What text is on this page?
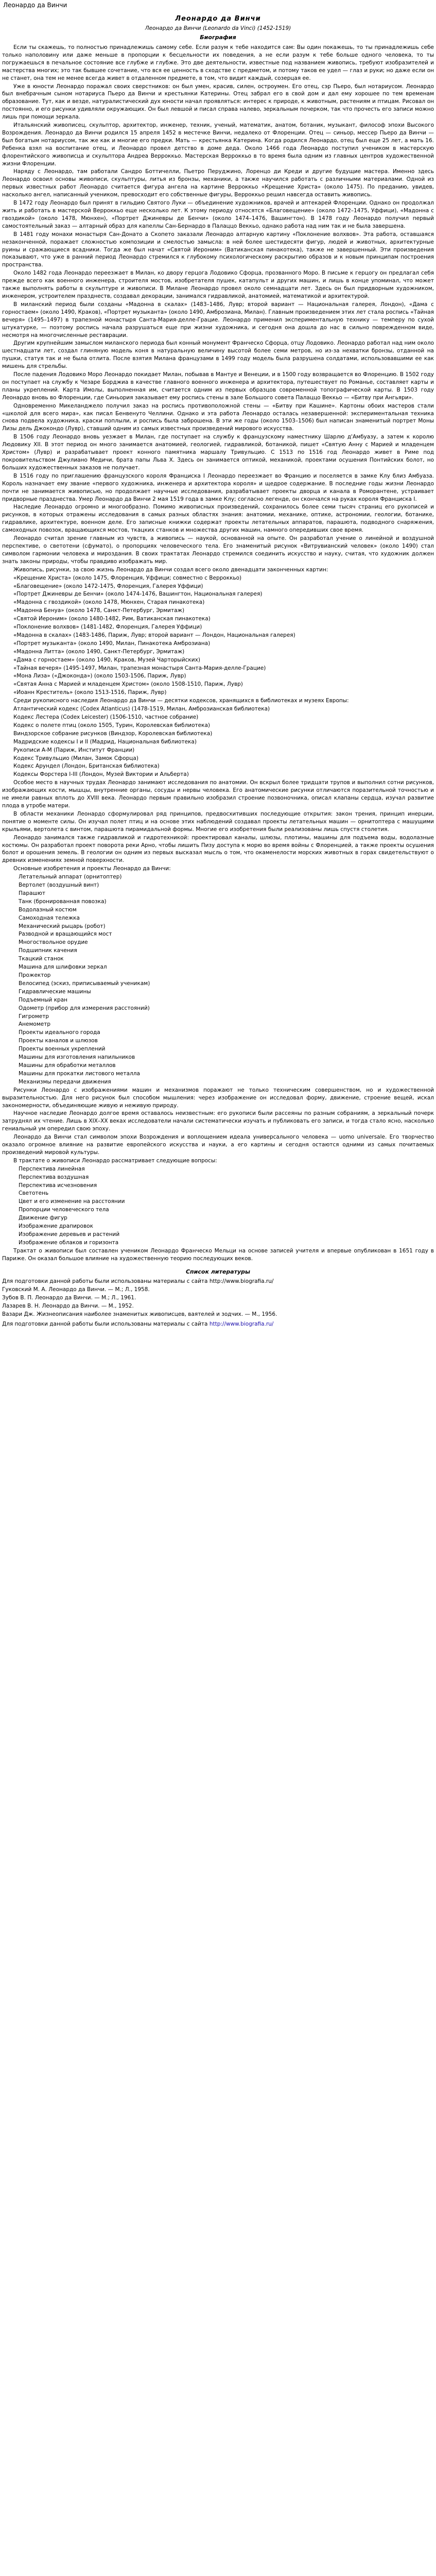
Леонардо да Винчи
Леонардо да Винчи
Леонардо да Винчи (Leonardo da Vinci) (1452-1519)
Биография

Если ты скажешь, то полностью принадлежишь самому себе. Если разум к тебе находится сам: Вы один покажешь, то ты принадлежишь себе только наполовину или даже меньше в пропорции к бесцельности их поведения, а не если разум к тебе больше одного человека, то ты погружаешься в печальное состояние все глубже и глубже. Это две деятельности, известные под названием живопись, требуют изобразителей и мастерства многих; это так бывшее сочетание, что вся ее ценность в сходстве с предметом, и потому таков ее удел — глаз и руки; но даже если он не станет, она тем не менее всегда живет в отдаленном предмете, в том, что видит каждый, созерцая ее.

Уже в юности Леонардо поражал своих сверстников: он был умен, красив, силен, остроумен. Его отец, сэр Пьеро, был нотариусом. Леонардо был внебрачным сыном нотариуса Пьеро да Винчи и крестьянки Катерины. Отец забрал его в свой дом и дал ему хорошее по тем временам образование. Тут, как и везде, натуралистический дух юности начал проявляться: интерес к природе, к животным, растениям и птицам. Рисовал он постоянно, и его рисунки удивляли окружающих. Он был левшой и писал справа налево, зеркальным почерком, так что прочесть его записи можно лишь при помощи зеркала.

Итальянский живописец, скульптор, архитектор, инженер, техник, ученый, математик, анатом, ботаник, музыкант, философ эпохи Высокого Возрождения. Леонардо да Винчи родился 15 апреля 1452 в местечке Винчи, недалеко от Флоренции. Отец — синьор, мессер Пьеро да Винчи — был богатым нотариусом, так же как и многие его предки. Мать — крестьянка Катерина. Когда родился Леонардо, отец был еще 25 лет, а мать 16. Ребенка взял на воспитание отец, и Леонардо провел детство в доме деда. Около 1466 года Леонардо поступил учеником в мастерскую флорентийского живописца и скульптора Андреа Верроккьо. Мастерская Верроккьо в то время была одним из главных центров художественной жизни Флоренции.

Наряду с Леонардо, там работали Сандро Боттичелли, Пьетро Перуджино, Лоренцо ди Креди и другие будущие мастера. Именно здесь Леонардо освоил основы живописи, скульптуры, литья из бронзы, механики, а также научился работать с различными материалами. Одной из первых известных работ Леонардо считается фигура ангела на картине Верроккьо «Крещение Христа» (около 1475). По преданию, увидев, насколько ангел, написанный учеником, превосходит его собственные фигуры, Верроккьо решил навсегда оставить живопись.

В 1472 году Леонардо был принят в гильдию Святого Луки — объединение художников, врачей и аптекарей Флоренции. Однако он продолжал жить и работать в мастерской Верроккьо еще несколько лет. К этому периоду относятся «Благовещение» (около 1472–1475, Уффици), «Мадонна с гвоздикой» (около 1478, Мюнхен), «Портрет Джиневры де Бенчи» (около 1474–1476, Вашингтон). В 1478 году Леонардо получил первый самостоятельный заказ — алтарный образ для капеллы Сан-Бернардо в Палаццо Веккьо, однако работа над ним так и не была завершена.

В 1481 году монахи монастыря Сан-Донато а Скопето заказали Леонардо алтарную картину «Поклонение волхвов». Эта работа, оставшаяся незаконченной, поражает сложностью композиции и смелостью замысла: в ней более шестидесяти фигур, людей и животных, архитектурные руины и сражающиеся всадники. Тогда же был начат «Святой Иероним» (Ватиканская пинакотека), также не завершенный. Эти произведения показывают, что уже в ранний период Леонардо стремился к глубокому психологическому раскрытию образов и к новым принципам построения пространства.

Около 1482 года Леонардо переезжает в Милан, ко двору герцога Лодовико Сфорца, прозванного Моро. В письме к герцогу он предлагал себя прежде всего как военного инженера, строителя мостов, изобретателя пушек, катапульт и других машин, и лишь в конце упоминал, что может также выполнять работы в скульптуре и живописи. В Милане Леонардо провел около семнадцати лет. Здесь он был придворным художником, инженером, устроителем празднеств, создавал декорации, занимался гидравликой, анатомией, математикой и архитектурой.

В миланский период были созданы «Мадонна в скалах» (1483–1486, Лувр; второй вариант — Национальная галерея, Лондон), «Дама с горностаем» (около 1490, Краков), «Портрет музыканта» (около 1490, Амброзиана, Милан). Главным произведением этих лет стала роспись «Тайная вечеря» (1495–1497) в трапезной монастыря Санта-Мария-делле-Грацие. Леонардо применил экспериментальную технику — темперу по сухой штукатурке, — поэтому роспись начала разрушаться еще при жизни художника, и сегодня она дошла до нас в сильно поврежденном виде, несмотря на многочисленные реставрации.

Другим крупнейшим замыслом миланского периода был конный монумент Франческо Сфорца, отцу Лодовико. Леонардо работал над ним около шестнадцати лет, создал глиняную модель коня в натуральную величину высотой более семи метров, но из-за нехватки бронзы, отданной на пушки, статуя так и не была отлита. После взятия Милана французами в 1499 году модель была разрушена солдатами, использовавшими ее как мишень для стрельбы.

После падения Лодовико Моро Леонардо покидает Милан, побывав в Мантуе и Венеции, и в 1500 году возвращается во Флоренцию. В 1502 году он поступает на службу к Чезаре Борджиа в качестве главного военного инженера и архитектора, путешествует по Романье, составляет карты и планы укреплений. Карта Имолы, выполненная им, считается одним из первых образцов современной топографической карты. В 1503 году Леонардо вновь во Флоренции, где Синьория заказывает ему роспись стены в зале Большого совета Палаццо Веккьо — «Битву при Ангьяри».

Одновременно Микеланджело получил заказ на роспись противоположной стены — «Битву при Кашине». Картоны обоих мастеров стали «школой для всего мира», как писал Бенвенуто Челлини. Однако и эта работа Леонардо осталась незавершенной: экспериментальная техника снова подвела художника, краски поплыли, и роспись была заброшена. В эти же годы (около 1503–1506) был написан знаменитый портрет Моны Лизы дель Джокондо (Лувр), ставший одним из самых известных произведений мирового искусства.

В 1506 году Леонардо вновь уезжает в Милан, где поступает на службу к французскому наместнику Шарлю д'Амбуазу, а затем к королю Людовику XII. В этот период он много занимается анатомией, геологией, гидравликой, ботаникой, пишет «Святую Анну с Марией и младенцем Христом» (Лувр) и разрабатывает проект конного памятника маршалу Тривульцио. С 1513 по 1516 год Леонардо живет в Риме под покровительством Джулиано Медичи, брата папы Льва X. Здесь он занимается оптикой, механикой, проектами осушения Понтийских болот, но больших художественных заказов не получает.

В 1516 году по приглашению французского короля Франциска I Леонардо переезжает во Францию и поселяется в замке Клу близ Амбуаза. Король назначает ему звание «первого художника, инженера и архитектора короля» и щедрое содержание. В последние годы жизни Леонардо почти не занимается живописью, но продолжает научные исследования, разрабатывает проекты дворца и канала в Роморантене, устраивает придворные празднества. Умер Леонардо да Винчи 2 мая 1519 года в замке Клу; согласно легенде, он скончался на руках короля Франциска I.

Наследие Леонардо огромно и многообразно. Помимо живописных произведений, сохранилось более семи тысяч страниц его рукописей и рисунков, в которых отражены исследования в самых разных областях знания: анатомии, механике, оптике, астрономии, геологии, ботанике, гидравлике, архитектуре, военном деле. Его записные книжки содержат проекты летательных аппаратов, парашюта, подводного снаряжения, самоходных повозок, вращающихся мостов, ткацких станков и множества других машин, намного опередивших свое время.

Леонардо считал зрение главным из чувств, а живопись — наукой, основанной на опыте. Он разработал учение о линейной и воздушной перспективе, о светотени (сфумато), о пропорциях человеческого тела. Его знаменитый рисунок «Витрувианский человек» (около 1490) стал символом гармонии человека и мироздания. В своих трактатах Леонардо стремился соединить искусство и науку, считая, что художник должен знать законы природы, чтобы правдиво изображать мир.

Живопись, рисунки, за свою жизнь Леонардо да Винчи создал всего около двенадцати законченных картин:

«Крещение Христа» (около 1475, Флоренция, Уффици; совместно с Верроккьо)
«Благовещение» (около 1472-1475, Флоренция, Галерея Уффици)
«Портрет Джиневры де Бенчи» (около 1474-1476, Вашингтон, Национальная галерея)
«Мадонна с гвоздикой» (около 1478, Мюнхен, Старая пинакотека)
«Мадонна Бенуа» (около 1478, Санкт-Петербург, Эрмитаж)
«Святой Иероним» (около 1480-1482, Рим, Ватиканская пинакотека)
«Поклонение волхвов» (1481-1482, Флоренция, Галерея Уффици)
«Мадонна в скалах» (1483-1486, Париж, Лувр; второй вариант — Лондон, Национальная галерея)
«Портрет музыканта» (около 1490, Милан, Пинакотека Амброзиана)
«Мадонна Литта» (около 1490, Санкт-Петербург, Эрмитаж)
«Дама с горностаем» (около 1490, Краков, Музей Чарторыйских)
«Тайная вечеря» (1495-1497, Милан, трапезная монастыря Санта-Мария-делле-Грацие)
«Мона Лиза» («Джоконда») (около 1503-1506, Париж, Лувр)
«Святая Анна с Марией и младенцем Христом» (около 1508-1510, Париж, Лувр)
«Иоанн Креститель» (около 1513-1516, Париж, Лувр)

Среди рукописного наследия Леонардо да Винчи — десятки кодексов, хранящихся в библиотеках и музеях Европы:

Атлантический кодекс (Codex Atlanticus) (1478-1519, Милан, Амброзианская библиотека)
Кодекс Лестера (Codex Leicester) (1506-1510, частное собрание)
Кодекс о полете птиц (около 1505, Турин, Королевская библиотека)
Виндзорское собрание рисунков (Виндзор, Королевская библиотека)
Мадридские кодексы I и II (Мадрид, Национальная библиотека)
Рукописи A-M (Париж, Институт Франции)
Кодекс Тривульцио (Милан, Замок Сфорца)
Кодекс Арундел (Лондон, Британская библиотека)
Кодексы Форстера I-III (Лондон, Музей Виктории и Альберта)

Особое место в научных трудах Леонардо занимают исследования по анатомии. Он вскрыл более тридцати трупов и выполнил сотни рисунков, изображающих кости, мышцы, внутренние органы, сосуды и нервы человека. Его анатомические рисунки отличаются поразительной точностью и не имели равных вплоть до XVIII века. Леонардо первым правильно изобразил строение позвоночника, описал клапаны сердца, изучал развитие плода в утробе матери.

В области механики Леонардо сформулировал ряд принципов, предвосхитивших последующие открытия: закон трения, принцип инерции, понятие о моменте силы. Он изучал полет птиц и на основе этих наблюдений создавал проекты летательных машин — орнитоптера с машущими крыльями, вертолета с винтом, парашюта пирамидальной формы. Многие его изобретения были реализованы лишь спустя столетия.

Леонардо занимался также гидравликой и гидротехникой: проектировал каналы, шлюзы, плотины, машины для подъема воды, водолазные костюмы. Он разработал проект поворота реки Арно, чтобы лишить Пизу доступа к морю во время войны с Флоренцией, а также проекты осушения болот и орошения земель. В геологии он одним из первых высказал мысль о том, что окаменелости морских животных в горах свидетельствуют о древних изменениях земной поверхности.

Основные изобретения и проекты Леонардо да Винчи:

Летательный аппарат (орнитоптер)
Вертолет (воздушный винт)
Парашют
Танк (бронированная повозка)
Водолазный костюм
Самоходная тележка
Механический рыцарь (робот)
Разводной и вращающийся мост
Многоствольное орудие
Подшипник качения
Ткацкий станок
Машина для шлифовки зеркал
Прожектор
Велосипед (эскиз, приписываемый ученикам)
Гидравлические машины
Подъемный кран
Одометр (прибор для измерения расстояний)
Гигрометр
Анемометр
Проекты идеального города
Проекты каналов и шлюзов
Проекты военных укреплений
Машины для изготовления напильников
Машины для обработки металлов
Машины для прокатки листового металла
Механизмы передачи движения

Рисунки Леонардо с изображениями машин и механизмов поражают не только техническим совершенством, но и художественной выразительностью. Для него рисунок был способом мышления: через изображение он исследовал форму, движение, строение вещей, искал закономерности, объединяющие живую и неживую природу.

Научное наследие Леонардо долгое время оставалось неизвестным: его рукописи были рассеяны по разным собраниям, а зеркальный почерк затруднял их чтение. Лишь в XIX–XX веках исследователи начали систематически изучать и публиковать его записи, и тогда стало ясно, насколько гениальный ум опередил свою эпоху.

Леонардо да Винчи стал символом эпохи Возрождения и воплощением идеала универсального человека — uomo universale. Его творчество оказало огромное влияние на развитие европейского искусства и науки, а его картины и сегодня остаются одними из самых почитаемых произведений мировой культуры.

В трактате о живописи Леонардо рассматривает следующие вопросы:

Перспектива линейная
Перспектива воздушная
Перспектива исчезновения
Светотень
Цвет и его изменение на расстоянии
Пропорции человеческого тела
Движение фигур
Изображение драпировок
Изображение деревьев и растений
Изображение облаков и горизонта

Трактат о живописи был составлен учеником Леонардо Франческо Мельци на основе записей учителя и впервые опубликован в 1651 году в Париже. Он оказал большое влияние на художественную теорию последующих веков.

Список литературы

Для подготовки данной работы были использованы материалы с сайта http://www.biografia.ru/

Гуковский М. А. Леонардо да Винчи. — М.; Л., 1958.

Зубов В. П. Леонардо да Винчи. — М.; Л., 1961.

Лазарев В. Н. Леонардо да Винчи. — М., 1952.

Вазари Дж. Жизнеописания наиболее знаменитых живописцев, ваятелей и зодчих. — М., 1956.

Для подготовки данной работы были использованы материалы с сайта http://www.biografia.ru/
